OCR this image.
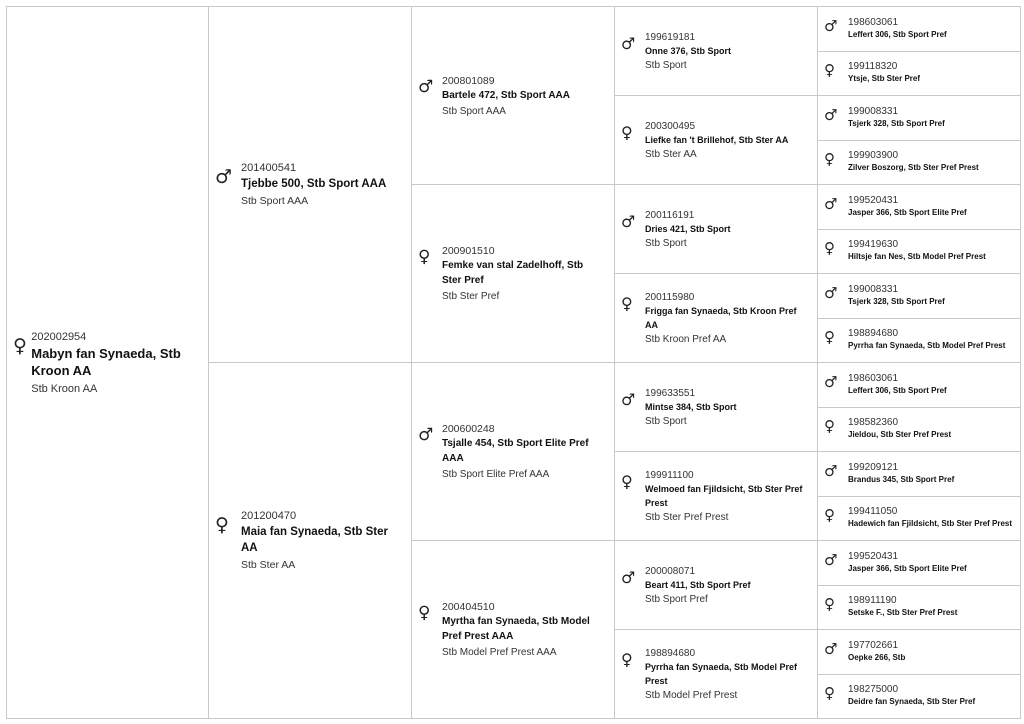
♀ 202002954
Mabyn fan Synaeda, Stb Kroon AA
Stb Kroon AA
♂ 201400541
Tjebbe 500, Stb Sport AAA
Stb Sport AAA
♀	201200470
Maia fan Synaeda, Stb Ster AA
Stb Ster AA
♂ 200801089
Bartele 472, Stb Sport AAA
Stb Sport AAA
♀	200901510
Femke van stal Zadelhoff, Stb Ster Pref
Stb Ster Pref
♂ 200600248
Tsjalle 454, Stb Sport Elite Pref AAA
Stb Sport Elite Pref AAA
♀	200404510
Myrtha fan Synaeda, Stb Model Pref Prest AAA
Stb Model Pref Prest AAA
♂ 199619181
Onne 376, Stb Sport
Stb Sport
♀	200300495
Liefke fan 't Brillehof, Stb Ster AA
Stb Ster AA
♂ 200116191
Dries 421, Stb Sport
Stb Sport
♀	200115980
Frigga fan Synaeda, Stb Kroon Pref AA
Stb Kroon Pref AA
♂ 199633551
Mintse 384, Stb Sport
Stb Sport
♀	199911100
Welmoed fan Fjildsicht, Stb Ster Pref Prest
Stb Ster Pref Prest
♂ 200008071
Beart 411, Stb Sport Pref
Stb Sport Pref
♀	198894680
Pyrrha fan Synaeda, Stb Model Pref Prest
Stb Model Pref Prest
♂	198603061
Leffert 306, Stb Sport Pref
♀	199118320
Ytsje, Stb Ster Pref
♂	199008331
Tsjerk 328, Stb Sport Pref
♀	199903900
Zilver Boszorg, Stb Ster Pref Prest
♂	199520431
Jasper 366, Stb Sport Elite Pref
♀	199419630
Hiltsje fan Nes, Stb Model Pref Prest
♂	199008331
Tsjerk 328, Stb Sport Pref
♀	198894680
Pyrrha fan Synaeda, Stb Model Pref Prest
♂	198603061
Leffert 306, Stb Sport Pref
♀	198582360
Jieldou, Stb Ster Pref Prest
♂	199209121
Brandus 345, Stb Sport Pref
♀	199411050
Hadewich fan Fjildsicht, Stb Ster Pref Prest
♂	199520431
Jasper 366, Stb Sport Elite Pref
♀	198911190
Setske F., Stb Ster Pref Prest
♂	197702661
Oepke 266, Stb
♀	198275000
Deidre fan Synaeda, Stb Ster Pref
